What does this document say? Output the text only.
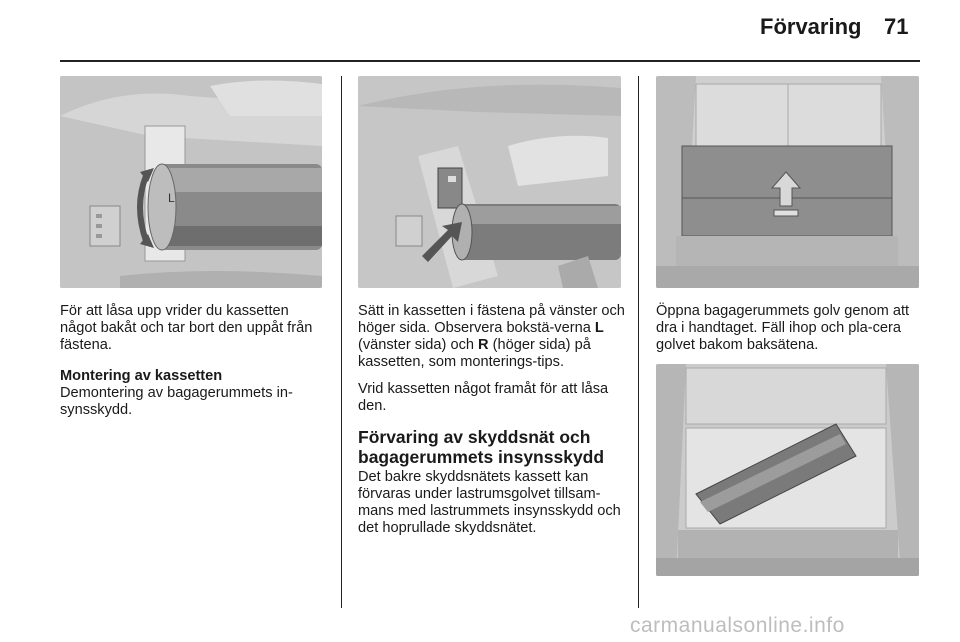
Förvaring 71
L

För att låsa upp vrider du kassetten något bakåt och tar bort den uppåt från fästena.

Montering av kassetten
Demontering av bagagerummets in-synsskydd.

Sätt in kassetten i fästena på vänster och höger sida. Observera bokstä-verna L (vänster sida) och R (höger sida) på kassetten, som monterings-tips.

Vrid kassetten något framåt för att låsa den.

Förvaring av skyddsnät och bagagerummets insynsskydd

Det bakre skyddsnätets kassett kan förvaras under lastrumsgolvet tillsam-mans med lastrummets insynsskydd och det hoprullade skyddsnätet.

Öppna bagagerummets golv genom att dra i handtaget. Fäll ihop och pla-cera golvet bakom baksätena.

carmanualsonline.info
